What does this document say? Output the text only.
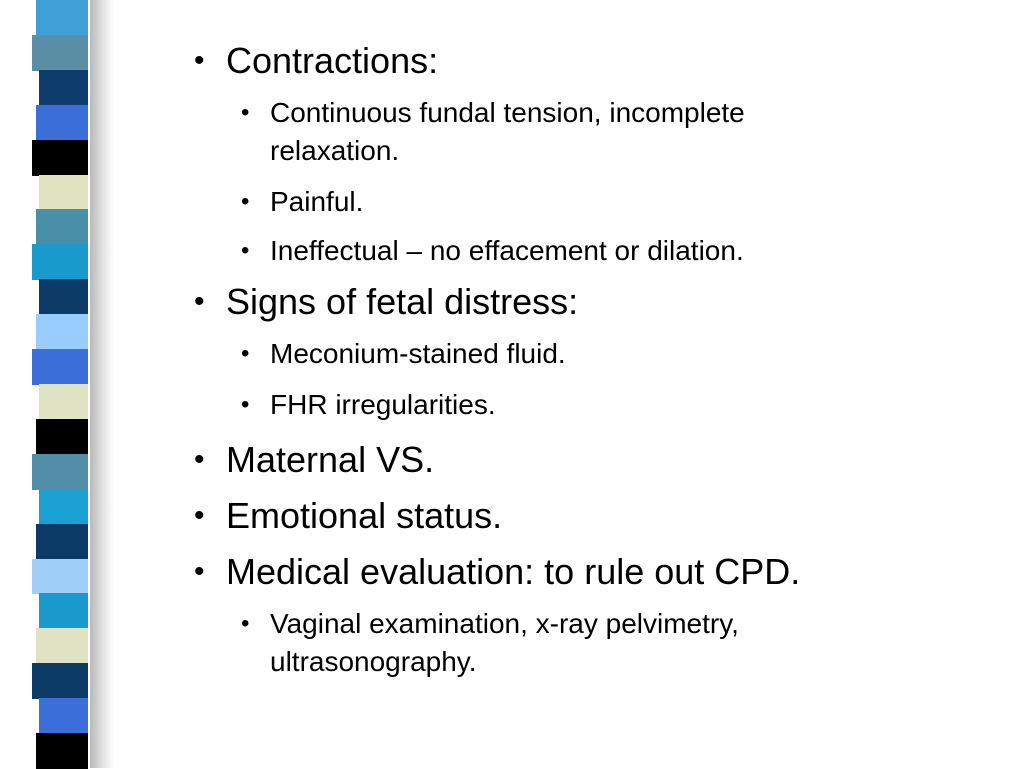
• Contractions:
• Continuous fundal tension, incomplete relaxation.
• Painful.
• Ineffectual – no effacement or dilation.
• Signs of fetal distress:
• Meconium-stained fluid.
• FHR irregularities.
• Maternal VS.
• Emotional status.
• Medical evaluation: to rule out CPD.
• Vaginal examination, x-ray pelvimetry, ultrasonography.
